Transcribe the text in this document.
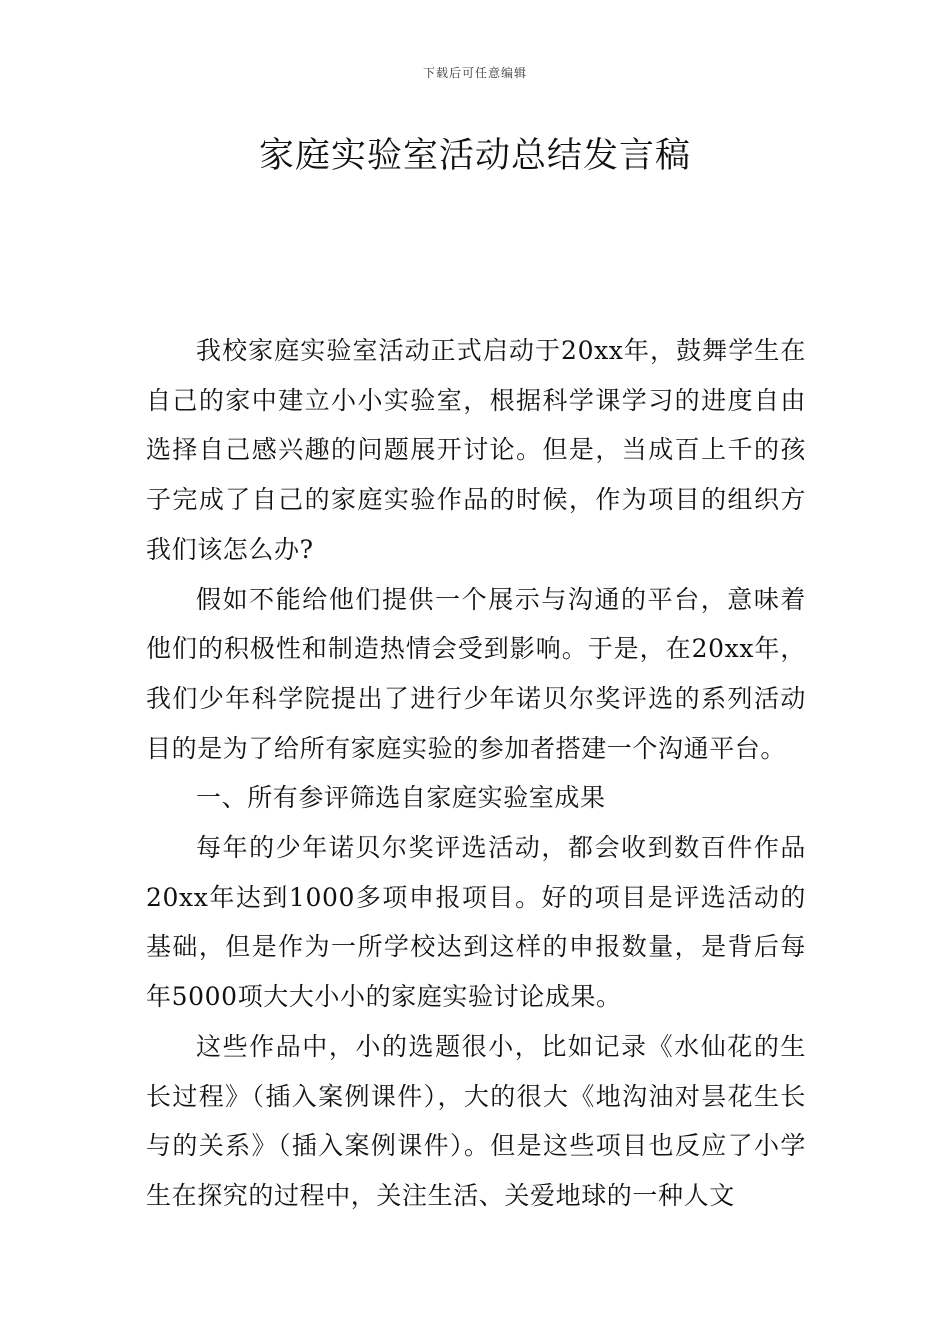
下载后可任意编辑
家庭实验室活动总结发言稿

我校家庭实验室活动正式启动于20xx年，鼓舞学生在自己的家中建立小小实验室，根据科学课学习的进度自由选择自己感兴趣的问题展开讨论。但是，当成百上千的孩子完成了自己的家庭实验作品的时候，作为项目的组织方我们该怎么办?

假如不能给他们提供一个展示与沟通的平台，意味着他们的积极性和制造热情会受到影响。于是，在20xx年，我们少年科学院提出了进行少年诺贝尔奖评选的系列活动目的是为了给所有家庭实验的参加者搭建一个沟通平台。

一、所有参评筛选自家庭实验室成果

每年的少年诺贝尔奖评选活动，都会收到数百件作品20xx年达到1000多项申报项目。好的项目是评选活动的基础，但是作为一所学校达到这样的申报数量，是背后每年5000项大大小小的家庭实验讨论成果。

这些作品中，小的选题很小，比如记录《水仙花的生长过程》（插入案例课件），大的很大《地沟油对昙花生长与的关系》（插入案例课件）。但是这些项目也反应了小学生在探究的过程中，关注生活、关爱地球的一种人文
